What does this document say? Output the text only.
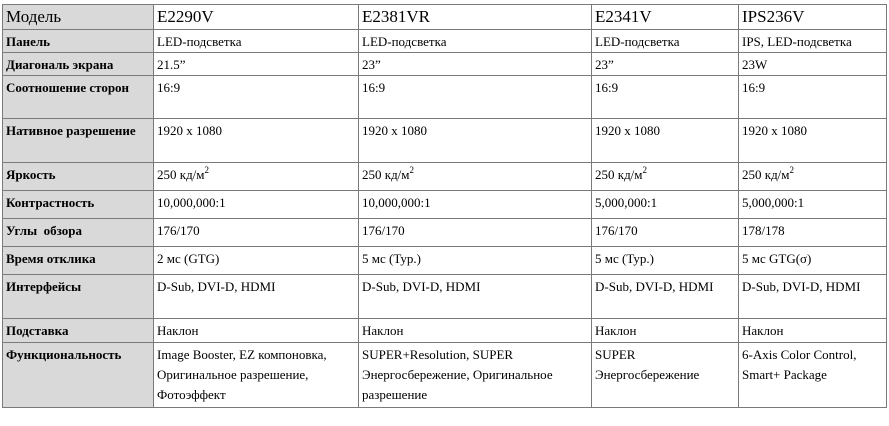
Модель	E2290V	E2381VR	E2341V	IPS236V
Панель	LED-подсветка	LED-подсветка	LED-подсветка	IPS, LED-подсветка
Диагональ экрана	21.5”	23”	23”	23W
Соотношение сторон	16:9	16:9	16:9	16:9
Нативное разрешение	1920 x 1080	1920 x 1080	1920 x 1080	1920 x 1080
Яркость	250 $кд/м^2$	250 $кд/м^2$	250 $кд/м^2$	250 $кд/м^2$
Контрастность	10,000,000:1	10,000,000:1	5,000,000:1	5,000,000:1
Углы  обзора	176/170	176/170	176/170	178/178
Время отклика	2 мс (GTG)	5 мс (Typ.)	5 мс (Typ.)	5 мс GTG(σ)
Интерфейсы	D-Sub, DVI-D, HDMI	D-Sub, DVI-D, HDMI	D-Sub, DVI-D, HDMI	D-Sub, DVI-D, HDMI
Подставка	Наклон	Наклон	Наклон	Наклон
Функциональность	Image Booster, EZ компоновка, Оригинальное разрешение, Фотоэффект	SUPER+Resolution, SUPER Энергосбережение, Оригинальное разрешение	SUPER Энергосбережение	6-Axis Color Control, Smart+ Package
